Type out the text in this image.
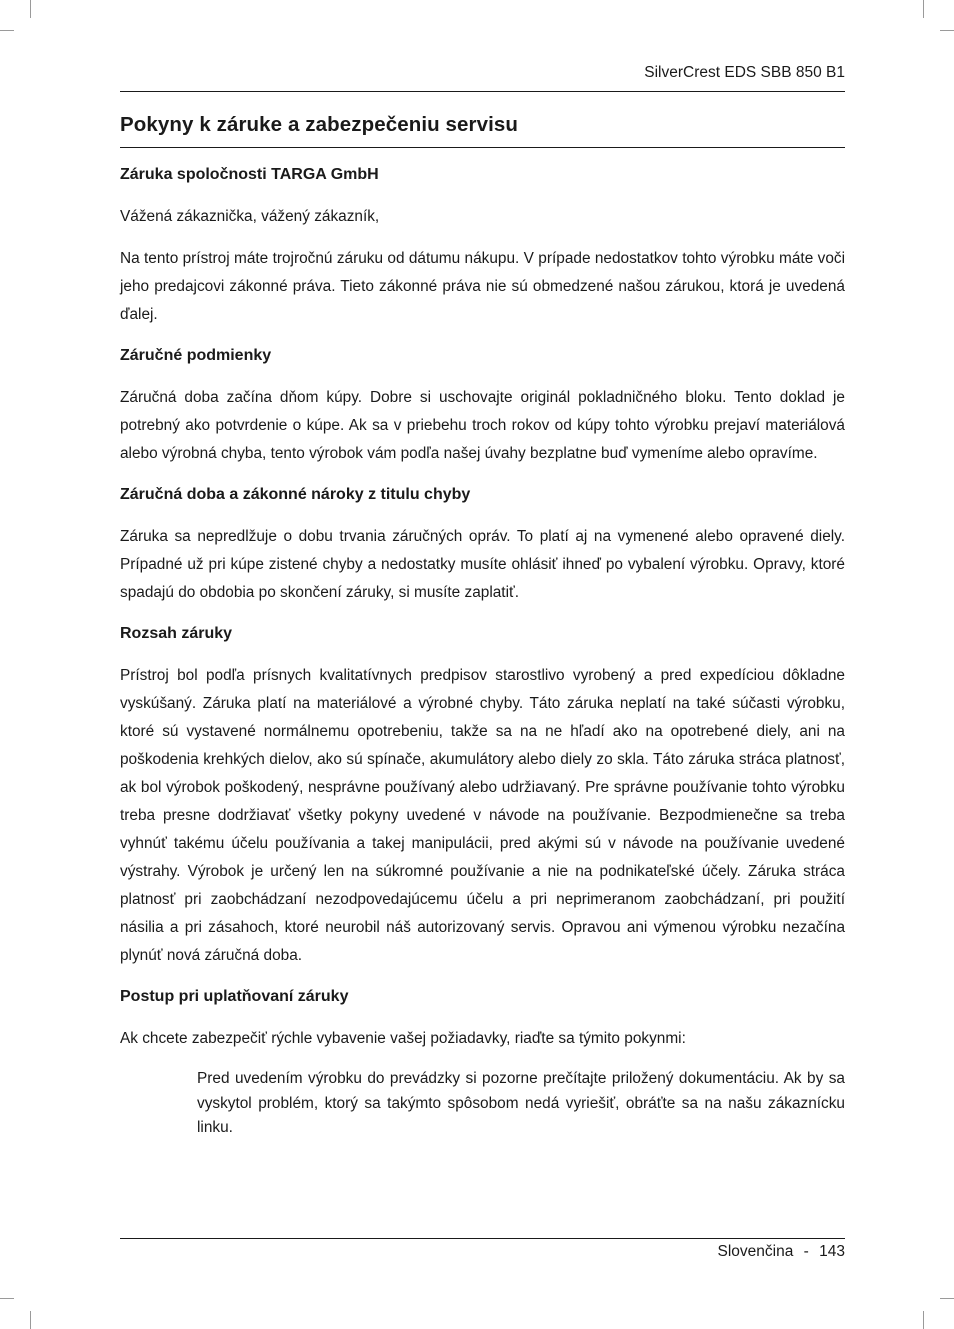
SilverCrest EDS SBB 850 B1
Pokyny k záruke a zabezpečeniu servisu
Záruka spoločnosti TARGA GmbH

Vážená zákaznička, vážený zákazník,

Na tento prístroj máte trojročnú záruku od dátumu nákupu. V prípade nedostatkov tohto výrobku máte voči jeho predajcovi zákonné práva. Tieto zákonné práva nie sú obmedzené našou zárukou, ktorá je uvedená ďalej.

Záručné podmienky

Záručná doba začína dňom kúpy. Dobre si uschovajte originál pokladničného bloku. Tento doklad je potrebný ako potvrdenie o kúpe. Ak sa v priebehu troch rokov od kúpy tohto výrobku prejaví materiálová alebo výrobná chyba, tento výrobok vám podľa našej úvahy bezplatne buď vymeníme alebo opravíme.

Záručná doba a zákonné nároky z titulu chyby

Záruka sa nepredlžuje o dobu trvania záručných opráv. To platí aj na vymenené alebo opravené diely. Prípadné už pri kúpe zistené chyby a nedostatky musíte ohlásiť ihneď po vybalení výrobku. Opravy, ktoré spadajú do obdobia po skončení záruky, si musíte zaplatiť.

Rozsah záruky

Prístroj bol podľa prísnych kvalitatívnych predpisov starostlivo vyrobený a pred expedíciou dôkladne vyskúšaný. Záruka platí na materiálové a výrobné chyby. Táto záruka neplatí na také súčasti výrobku, ktoré sú vystavené normálnemu opotrebeniu, takže sa na ne hľadí ako na opotrebené diely, ani na poškodenia krehkých dielov, ako sú spínače, akumulátory alebo diely zo skla. Táto záruka stráca platnosť, ak bol výrobok poškodený, nesprávne používaný alebo udržiavaný. Pre správne používanie tohto výrobku treba presne dodržiavať všetky pokyny uvedené v návode na používanie. Bezpodmienečne sa treba vyhnúť takému účelu používania a takej manipulácii, pred akými sú v návode na používanie uvedené výstrahy. Výrobok je určený len na súkromné používanie a nie na podnikateľské účely. Záruka stráca platnosť pri zaobchádzaní nezodpovedajúcemu účelu a pri neprimeranom zaobchádzaní, pri použití násilia a pri zásahoch, ktoré neurobil náš autorizovaný servis. Opravou ani výmenou výrobku nezačína plynúť nová záručná doba.

Postup pri uplatňovaní záruky

Ak chcete zabezpečiť rýchle vybavenie vašej požiadavky, riaďte sa týmito pokynmi:

Pred uvedením výrobku do prevádzky si pozorne prečítajte priložený dokumentáciu. Ak by sa vyskytol problém, ktorý sa takýmto spôsobom nedá vyriešiť, obráťte sa na našu zákaznícku linku.

Slovenčina - 143
